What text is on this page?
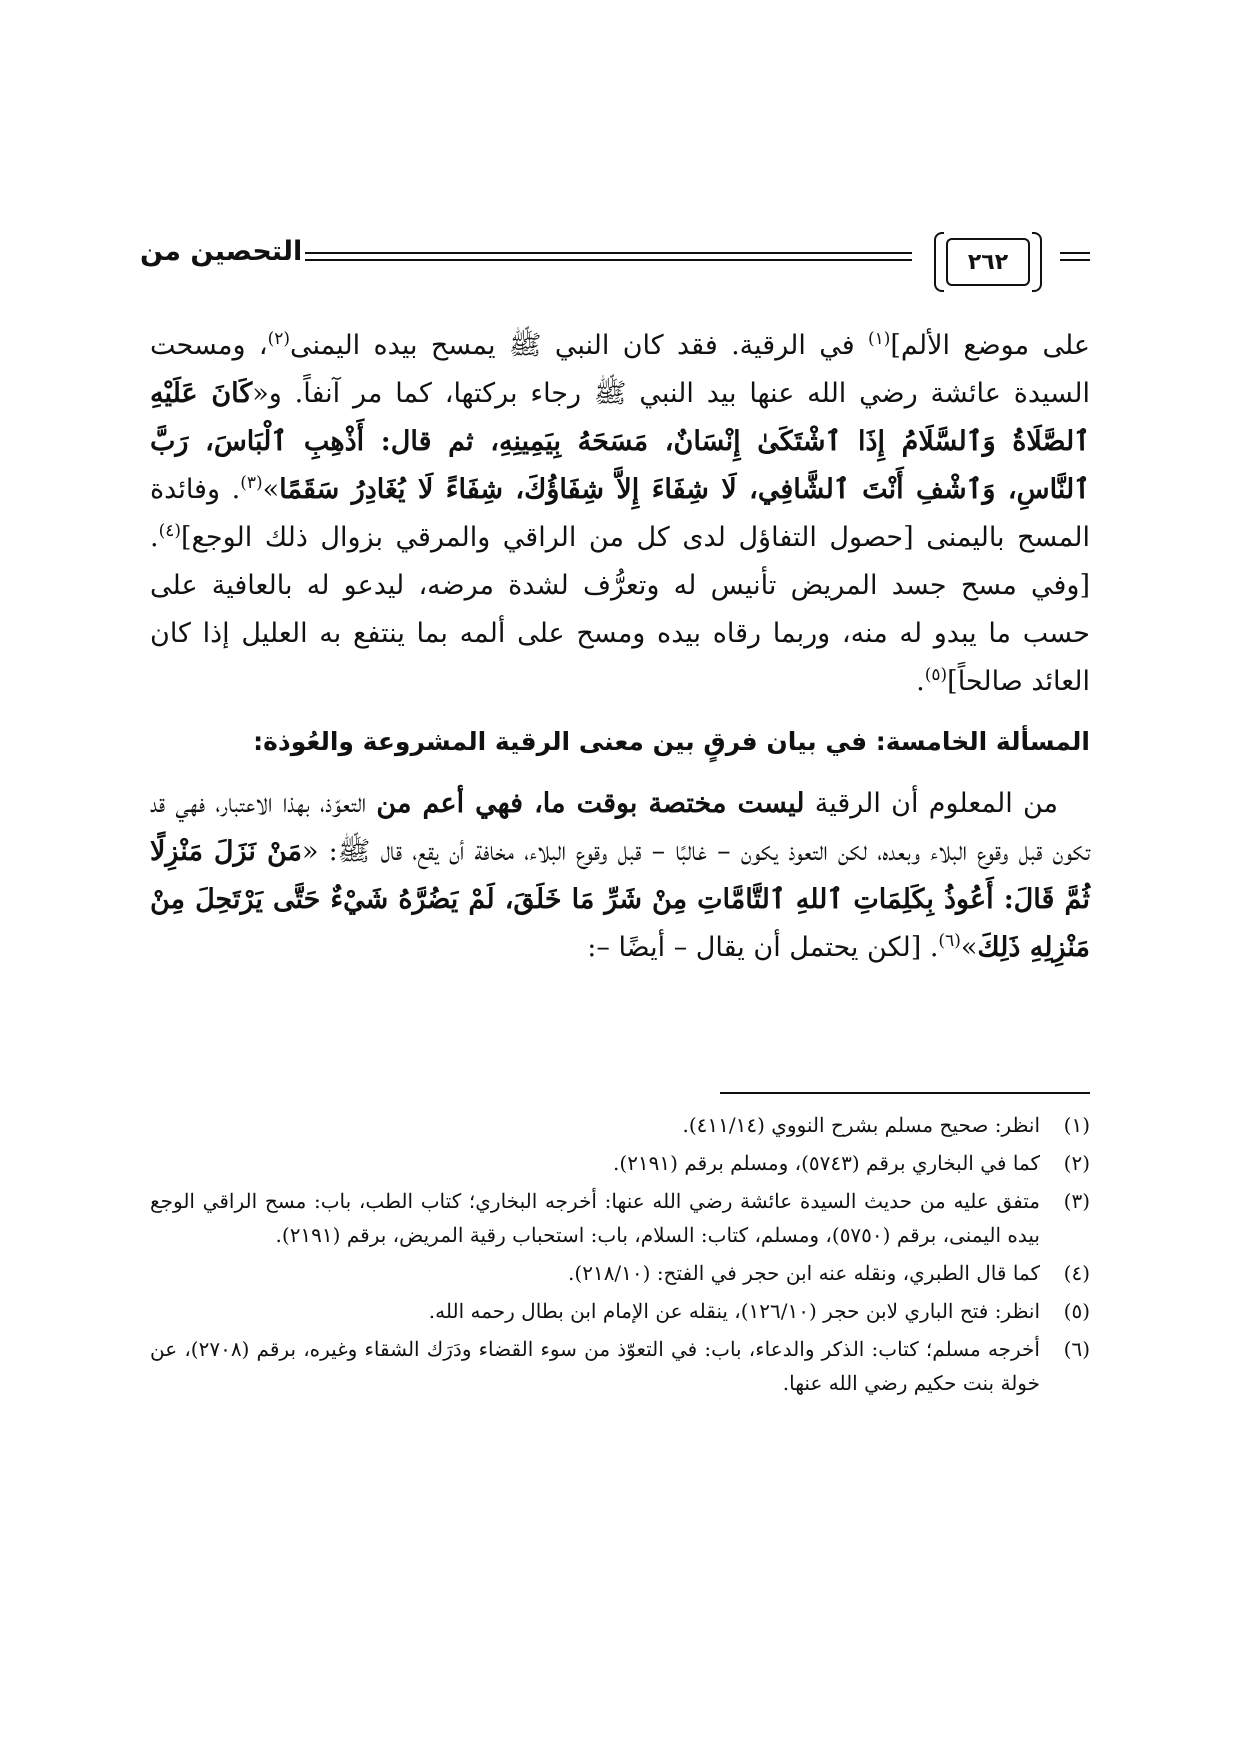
٢٦٢
التحصين من

على موضع الألم]$^{(١)}$ في الرقية. فقد كان النبي ﷺ يمسح بيده اليمنى$^{(٢)}$، ومسحت السيدة عائشة رضي الله عنها بيد النبي ﷺ رجاء بركتها، كما مر آنفاً. و«كَانَ عَلَيْهِ ٱلصَّلَاةُ وَٱلسَّلَامُ إِذَا ٱشْتَكَىٰ إِنْسَانٌ، مَسَحَهُ بِيَمِينِهِ، ثم قال: أَذْهِبِ ٱلْبَاسَ، رَبَّ ٱلنَّاسِ، وَٱشْفِ أَنْتَ ٱلشَّافِي، لَا شِفَاءَ إِلاَّ شِفَاؤُكَ، شِفَاءً لَا يُغَادِرُ سَقَمًا»$^{(٣)}$. وفائدة المسح باليمنى [حصول التفاؤل لدى كل من الراقي والمرقي بزوال ذلك الوجع]$^{(٤)}$. [وفي مسح جسد المريض تأنيس له وتعرُّف لشدة مرضه، ليدعو له بالعافية على حسب ما يبدو له منه، وربما رقاه بيده ومسح على ألمه بما ينتفع به العليل إذا كان العائد صالحاً]$^{(٥)}$.

المسألة الخامسة: في بيان فرقٍ بين معنى الرقية المشروعة والعُوذة:

من المعلوم أن الرقية ليست مختصة بوقت ما، فهي أعم من التعوّذ، بهذا الاعتبار، فهي قد تكون قبل وقوع البلاء وبعده، لكن التعوذ يكون – غالبًا – قبل وقوع البلاء، مخافة أن يقع، قال ﷺ: «مَنْ نَزَلَ مَنْزِلًا ثُمَّ قَالَ: أَعُوذُ بِكَلِمَاتِ ٱللهِ ٱلتَّامَّاتِ مِنْ شَرِّ مَا خَلَقَ، لَمْ يَضُرَّهُ شَيْءٌ حَتَّى يَرْتَحِلَ مِنْ مَنْزِلِهِ ذَلِكَ»$^{(٦)}$. [لكن يحتمل أن يقال – أيضًا –:

(١)
انظر: صحيح مسلم بشرح النووي (٤١١/١٤).
(٢)
كما في البخاري برقم (٥٧٤٣)، ومسلم برقم (٢١٩١).
(٣)
متفق عليه من حديث السيدة عائشة رضي الله عنها: أخرجه البخاري؛ كتاب الطب، باب: مسح الراقي الوجع بيده اليمنى، برقم (٥٧٥٠)، ومسلم، كتاب: السلام، باب: استحباب رقية المريض، برقم (٢١٩١).
(٤)
كما قال الطبري، ونقله عنه ابن حجر في الفتح: (٢١٨/١٠).
(٥)
انظر: فتح الباري لابن حجر (١٢٦/١٠)، ينقله عن الإمام ابن بطال رحمه الله.
(٦)
أخرجه مسلم؛ كتاب: الذكر والدعاء، باب: في التعوّذ من سوء القضاء ودَرَك الشقاء وغيره، برقم (٢٧٠٨)، عن خولة بنت حكيم رضي الله عنها.
